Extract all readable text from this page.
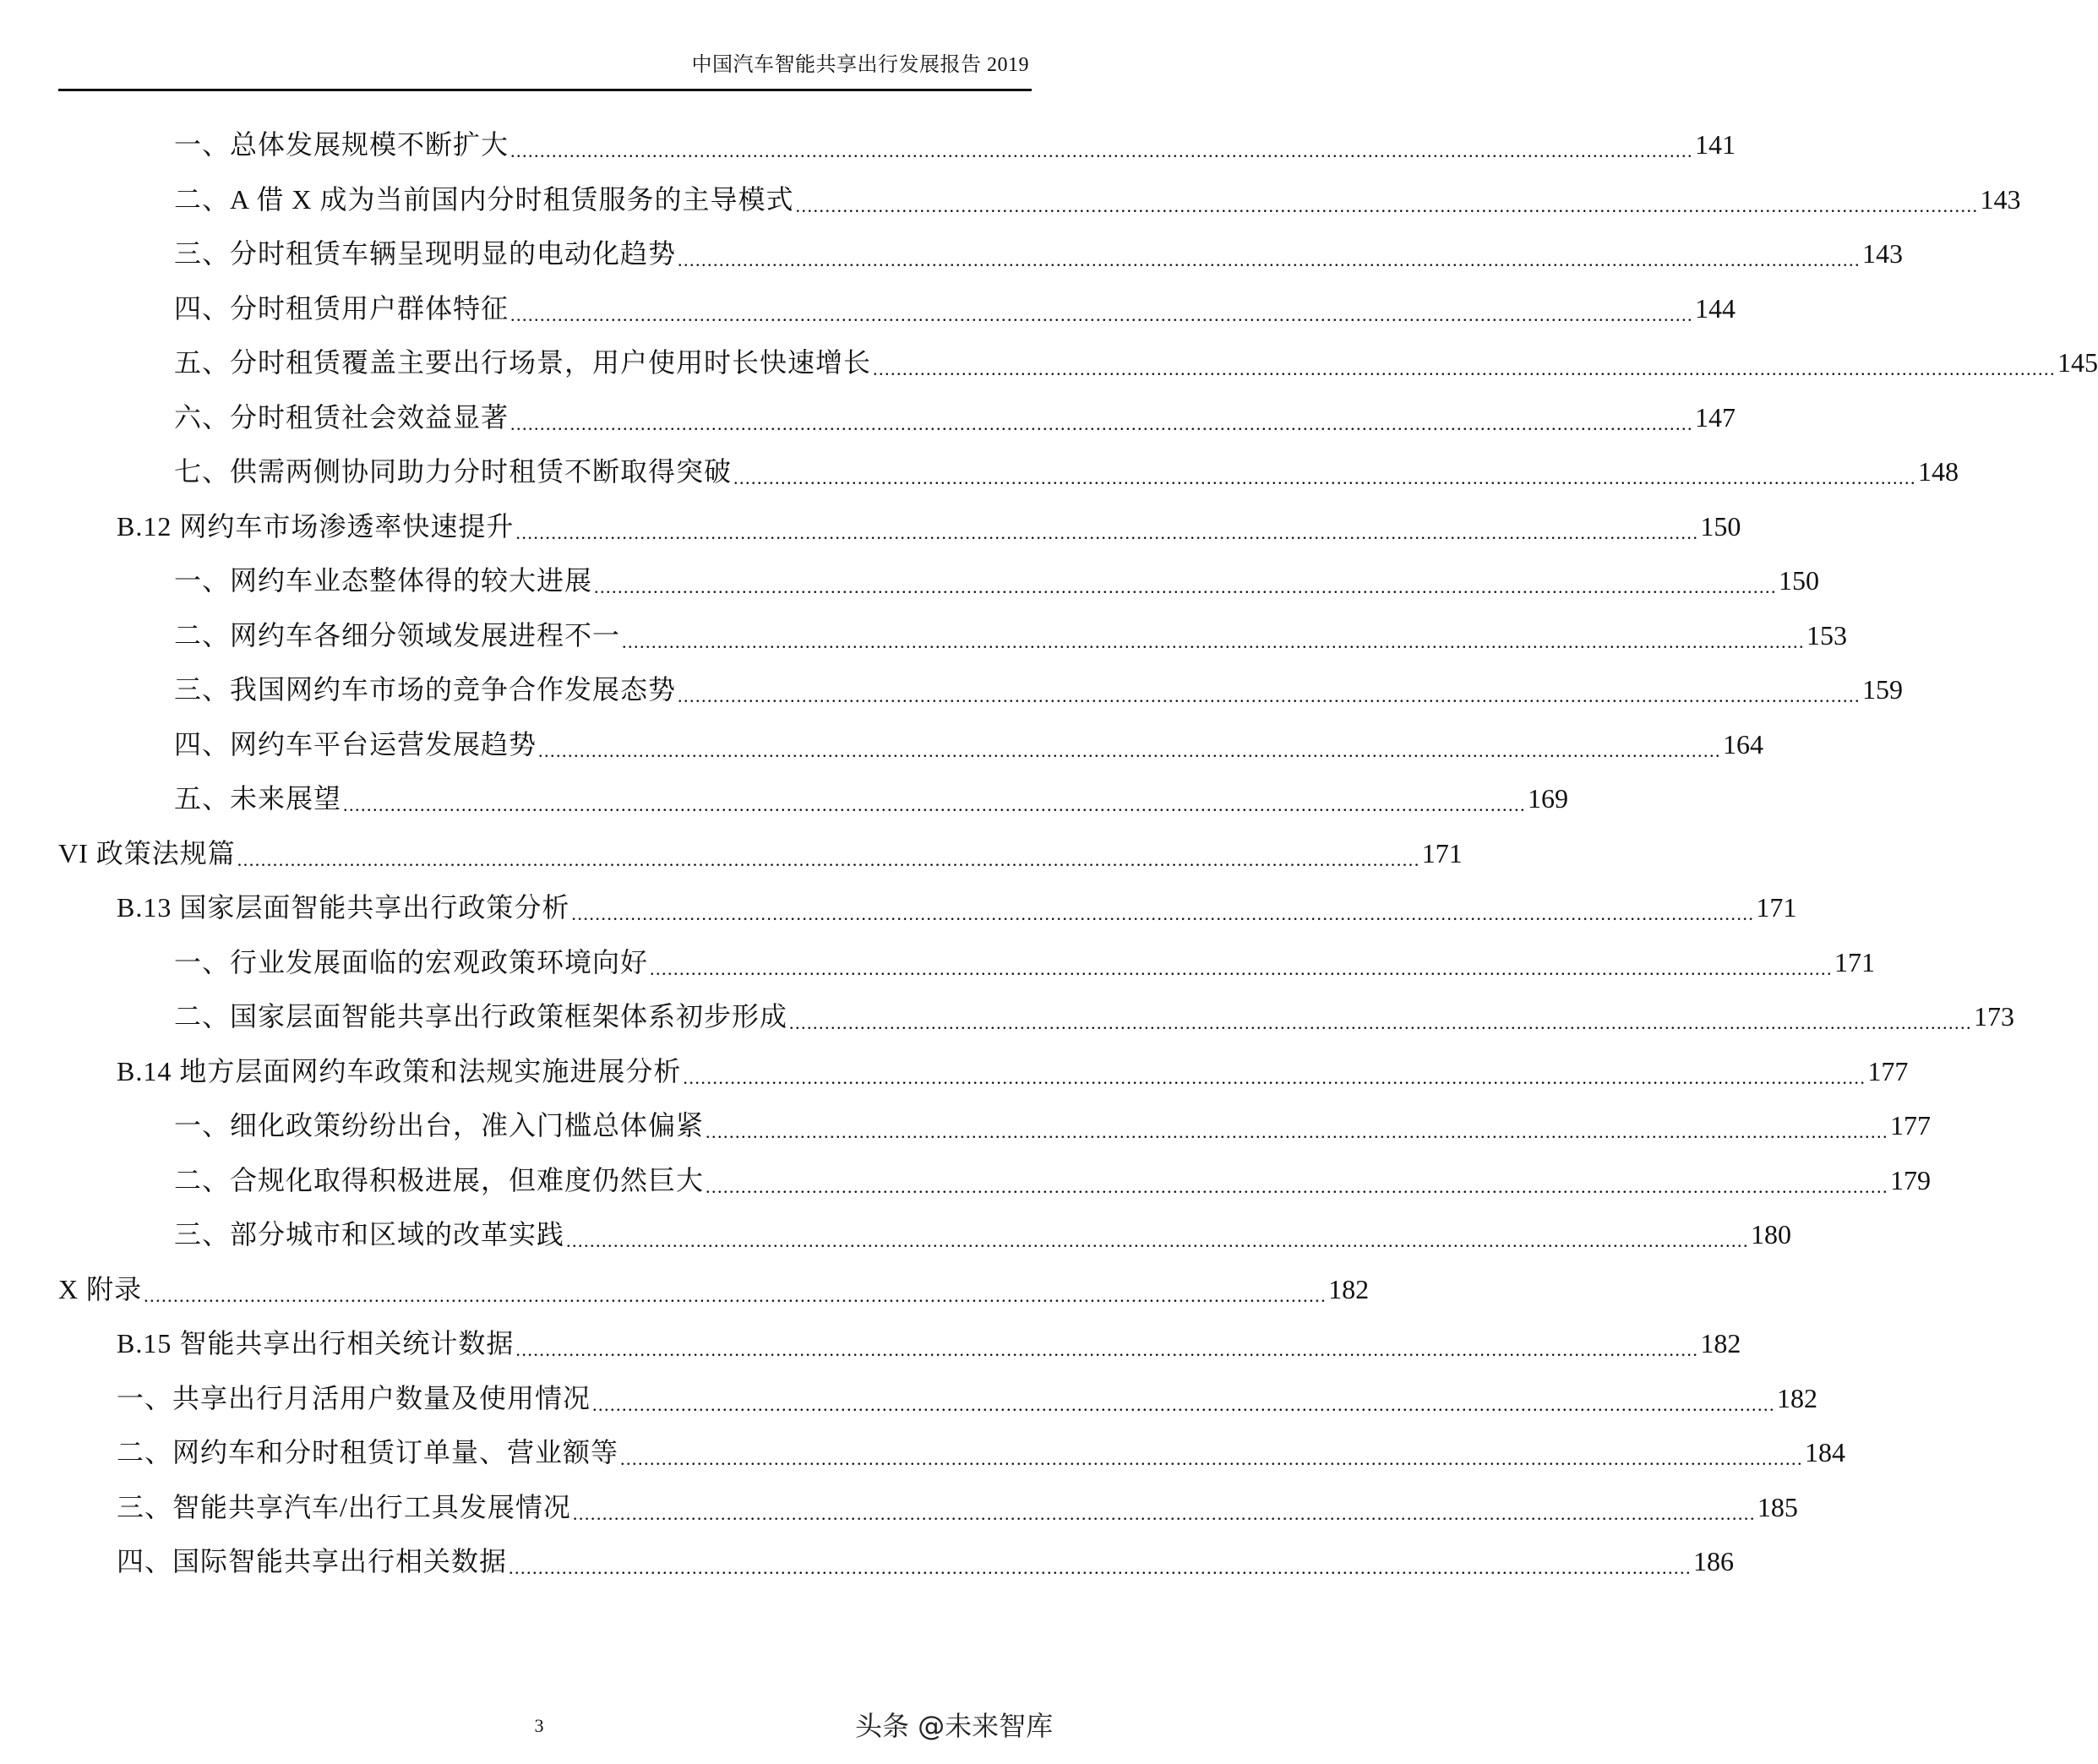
中国汽车智能共享出行发展报告 2019
一、总体发展规模不断扩大 ........................................................................................................................................................................................................ 141
二、A 借 X 成为当前国内分时租赁服务的主导模式 ........................................................................................................................................................................................................ 143
三、分时租赁车辆呈现明显的电动化趋势 ........................................................................................................................................................................................................ 143
四、分时租赁用户群体特征 ........................................................................................................................................................................................................ 144
五、分时租赁覆盖主要出行场景，用户使用时长快速增长 ........................................................................................................................................................................................................ 145
六、分时租赁社会效益显著 ........................................................................................................................................................................................................ 147
七、供需两侧协同助力分时租赁不断取得突破 ........................................................................................................................................................................................................ 148
B.12 网约车市场渗透率快速提升 ........................................................................................................................................................................................................ 150
一、网约车业态整体得的较大进展 ........................................................................................................................................................................................................ 150
二、网约车各细分领域发展进程不一 ........................................................................................................................................................................................................ 153
三、我国网约车市场的竞争合作发展态势 ........................................................................................................................................................................................................ 159
四、网约车平台运营发展趋势 ........................................................................................................................................................................................................ 164
五、未来展望 ........................................................................................................................................................................................................ 169
VI 政策法规篇 ........................................................................................................................................................................................................ 171
B.13 国家层面智能共享出行政策分析 ........................................................................................................................................................................................................ 171
一、行业发展面临的宏观政策环境向好 ........................................................................................................................................................................................................ 171
二、国家层面智能共享出行政策框架体系初步形成 ........................................................................................................................................................................................................ 173
B.14 地方层面网约车政策和法规实施进展分析 ........................................................................................................................................................................................................ 177
一、细化政策纷纷出台，准入门槛总体偏紧 ........................................................................................................................................................................................................ 177
二、合规化取得积极进展，但难度仍然巨大 ........................................................................................................................................................................................................ 179
三、部分城市和区域的改革实践 ........................................................................................................................................................................................................ 180
X 附录 ........................................................................................................................................................................................................ 182
B.15 智能共享出行相关统计数据 ........................................................................................................................................................................................................ 182
一、共享出行月活用户数量及使用情况 ........................................................................................................................................................................................................ 182
二、网约车和分时租赁订单量、营业额等 ........................................................................................................................................................................................................ 184
三、智能共享汽车/出行工具发展情况 ........................................................................................................................................................................................................ 185
四、国际智能共享出行相关数据 ........................................................................................................................................................................................................ 186
3	头条 @未来智库
